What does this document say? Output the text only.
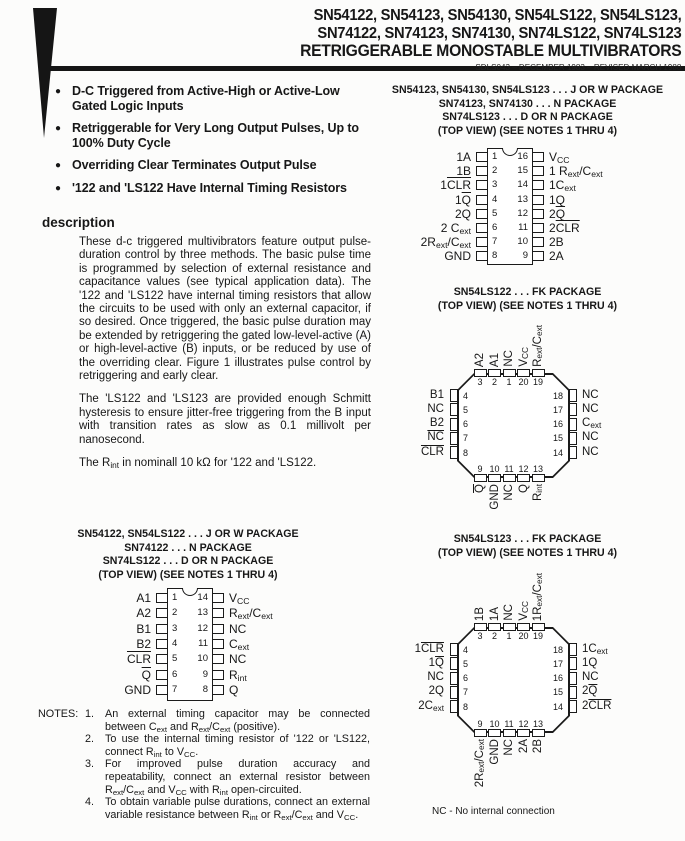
SN54122, SN54123, SN54130, SN54LS122, SN54LS123,
SN74122, SN74123, SN74130, SN74LS122, SN74LS123
RETRIGGERABLE MONOSTABLE MULTIVIBRATORS
SDLS043 – DECEMBER 1983 – REVISED MARCH 1988
● D-C Triggered from Active-High or Active-Low Gated Logic Inputs
● Retriggerable for Very Long Output Pulses, Up to 100% Duty Cycle
● Overriding Clear Terminates Output Pulse
● '122 and 'LS122 Have Internal Timing Resistors
description

These d-c triggered multivibrators feature output pulse-duration control by three methods. The basic pulse time is programmed by selection of external resistance and capacitance values (see typical application data). The '122 and 'LS122 have internal timing resistors that allow the circuits to be used with only an external capacitor, if so desired. Once triggered, the basic pulse duration may be extended by retriggering the gated low-level-active (A) or high-level-active (B) inputs, or be reduced by use of the overriding clear. Figure 1 illustrates pulse control by retriggering and early clear.

The 'LS122 and 'LS123 are provided enough Schmitt hysteresis to ensure jitter-free triggering from the B input with transition rates as slow as 0.1 millivolt per nanosecond.

The $R_{int}$ in nominall 10 kΩ for '122 and 'LS122.

SN54123, SN54130, SN54LS123 . . . J OR W PACKAGE
SN74123, SN74130 . . . N PACKAGE
SN74LS123 . . . D OR N PACKAGE
(TOP VIEW) (SEE NOTES 1 THRU 4)
1A 1
1B 2
$1\overline{CLR}$ 3
$1\overline{Q}$ 4
2Q 5
2 $C_{ext}$ 6
$2R_{ext}/C_{ext}$ 7
GND 8
16 $V_{CC}$
15 1 $R_{ext}/C_{ext}$
14 $1C_{ext}$
13 1Q
12 $2\overline{Q}$
11 $2\overline{CLR}$
10 2B
9 2A
SN54LS122 . . . FK PACKAGE
(TOP VIEW) (SEE NOTES 1 THRU 4)
3
A2
2
A1
1
NC
20
$V_{CC}$
19
$R_{ext}/C_{ext}$
B1 4
NC 5
B2 6
$\overline{NC}$ 7
$\overline{CLR}$ 8
18 NC
17 NC
16 $C_{ext}$
15 NC
14 NC
9
Q
10
GND
11
NC
12
Q
13
$R_{int}$
SN54122, SN54LS122 . . . J OR W PACKAGE
SN74122 . . . N PACKAGE
SN74LS122 . . . D OR N PACKAGE
(TOP VIEW) (SEE NOTES 1 THRU 4)
A1 1
A2 2
B1 3
B2 4
$\overline{CLR}$ 5
$\overline{Q}$ 6
GND 7
14 $V_{CC}$
13 $R_{ext}/C_{ext}$
12 NC
11 $C_{ext}$
10 NC
9 $R_{int}$
8 Q
SN54LS123 . . . FK PACKAGE
(TOP VIEW) (SEE NOTES 1 THRU 4)
3
1B
2
1A
1
NC
20
$V_{CC}$
19
$1R_{ext}/C_{ext}$
$1\overline{CLR}$ 4
$1\overline{Q}$ 5
NC 6
2Q 7
$2C_{ext}$ 8
18 $1C_{ext}$
17 1Q
16 NC
15 $2\overline{Q}$
14 $2\overline{CLR}$
9
$2R_{ext}/C_{ext}$
10
GND
11
NC
12
2A
13
2B
NOTES: 1.	An external timing capacitor may be connected between $C_{ext}$ and $R_{ext}/C_{ext}$ (positive).
2.	To use the internal timing resistor of '122 or 'LS122, connect $R_{int}$ to $V_{CC}$.
3.	For improved pulse duration accuracy and repeatability, connect an external resistor between $R_{ext}/C_{ext}$ and $V_{CC}$ with $R_{int}$ open-circuited.
4.	To obtain variable pulse durations, connect an external variable resistance between $R_{int}$ or $R_{ext}/C_{ext}$ and $V_{CC}$.	NC - No internal connection
